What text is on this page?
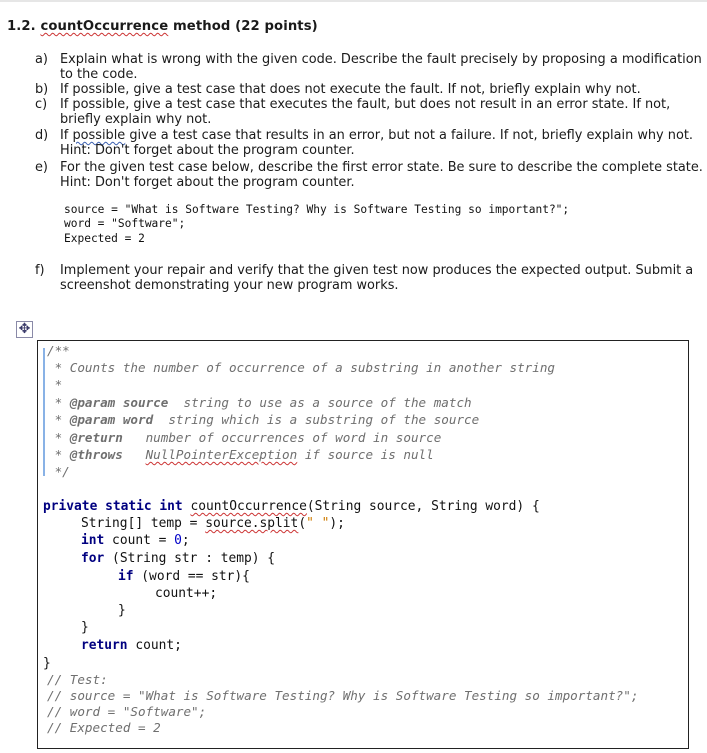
1.2. countOccurrence method (22 points)
a) Explain what is wrong with the given code. Describe the fault precisely by proposing a modification
to the code.
b) If possible, give a test case that does not execute the fault. If not, briefly explain why not.
c) If possible, give a test case that executes the fault, but does not result in an error state. If not,
briefly explain why not.
d) If possible give a test case that results in an error, but not a failure. If not, briefly explain why not.
Hint: Don't forget about the program counter.
e) For the given test case below, describe the first error state. Be sure to describe the complete state.
Hint: Don't forget about the program counter.
source = "What is Software Testing? Why is Software Testing so important?";
word = "Software";
Expected = 2
f) Implement your repair and verify that the given test now produces the expected output. Submit a
screenshot demonstrating your new program works.
✥
/**
* Counts the number of occurrence of a substring in another string
*
* @param source  string to use as a source of the match
* @param word  string which is a substring of the source
* @return   number of occurrences of word in source
* @throws NullPointerException if source is null
*/
private static int countOccurrence(String source, String word) {
String[] temp = source.split(" ");
int count = 0;
for (String str : temp) {
if (word == str){
count++;
}
}
return count;
}
// Test:
// source = "What is Software Testing? Why is Software Testing so important?";
// word = "Software";
// Expected = 2
